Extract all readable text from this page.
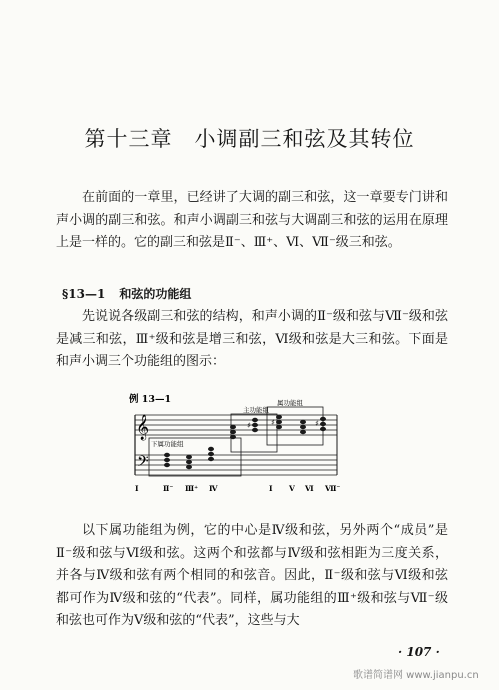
第十三章　小调副三和弦及其转位

在前面的一章里，已经讲了大调的副三和弦，这一章要专门讲和声小调的副三和弦。和声小调副三和弦与大调副三和弦的运用在原理上是一样的。它的副三和弦是Ⅱ⁻、Ⅲ⁺、Ⅵ、Ⅶ⁻级三和弦。

§13—1 和弦的功能组

先说说各级副三和弦的结构，和声小调的Ⅱ⁻级和弦与Ⅶ⁻级和弦是减三和弦，Ⅲ⁺级和弦是增三和弦，Ⅵ级和弦是大三和弦。下面是和声小调三个功能组的图示：

例 13—1
𝄞
𝄢
主功能组
属功能组
下属功能组
♯	♯	♯
Ⅰ	Ⅱ⁻ Ⅲ⁺ Ⅳ	Ⅰ Ⅴ Ⅵ Ⅶ⁻

以下属功能组为例，它的中心是Ⅳ级和弦，另外两个“成员”是Ⅱ⁻级和弦与Ⅵ级和弦。这两个和弦都与Ⅳ级和弦相距为三度关系，并各与Ⅳ级和弦有两个相同的和弦音。因此，Ⅱ⁻级和弦与Ⅵ级和弦都可作为Ⅳ级和弦的“代表”。同样，属功能组的Ⅲ⁺级和弦与Ⅶ⁻级和弦也可作为Ⅴ级和弦的“代表”，这些与大

· 107 ·
歌谱简谱网 www.jianpu.cn
